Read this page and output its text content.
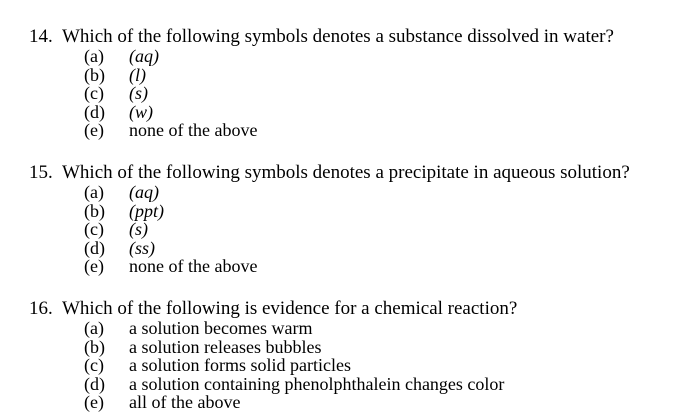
14. Which of the following symbols denotes a substance dissolved in water?
(a)	(aq)
(b)	(l)
(c)	(s)
(d)	(w)
(e)	none of the above
15. Which of the following symbols denotes a precipitate in aqueous solution?
(a)	(aq)
(b)	(ppt)
(c)	(s)
(d)	(ss)
(e)	none of the above
16. Which of the following is evidence for a chemical reaction?
(a)	a solution becomes warm
(b)	a solution releases bubbles
(c)	a solution forms solid particles
(d)	a solution containing phenolphthalein changes color
(e)	all of the above
